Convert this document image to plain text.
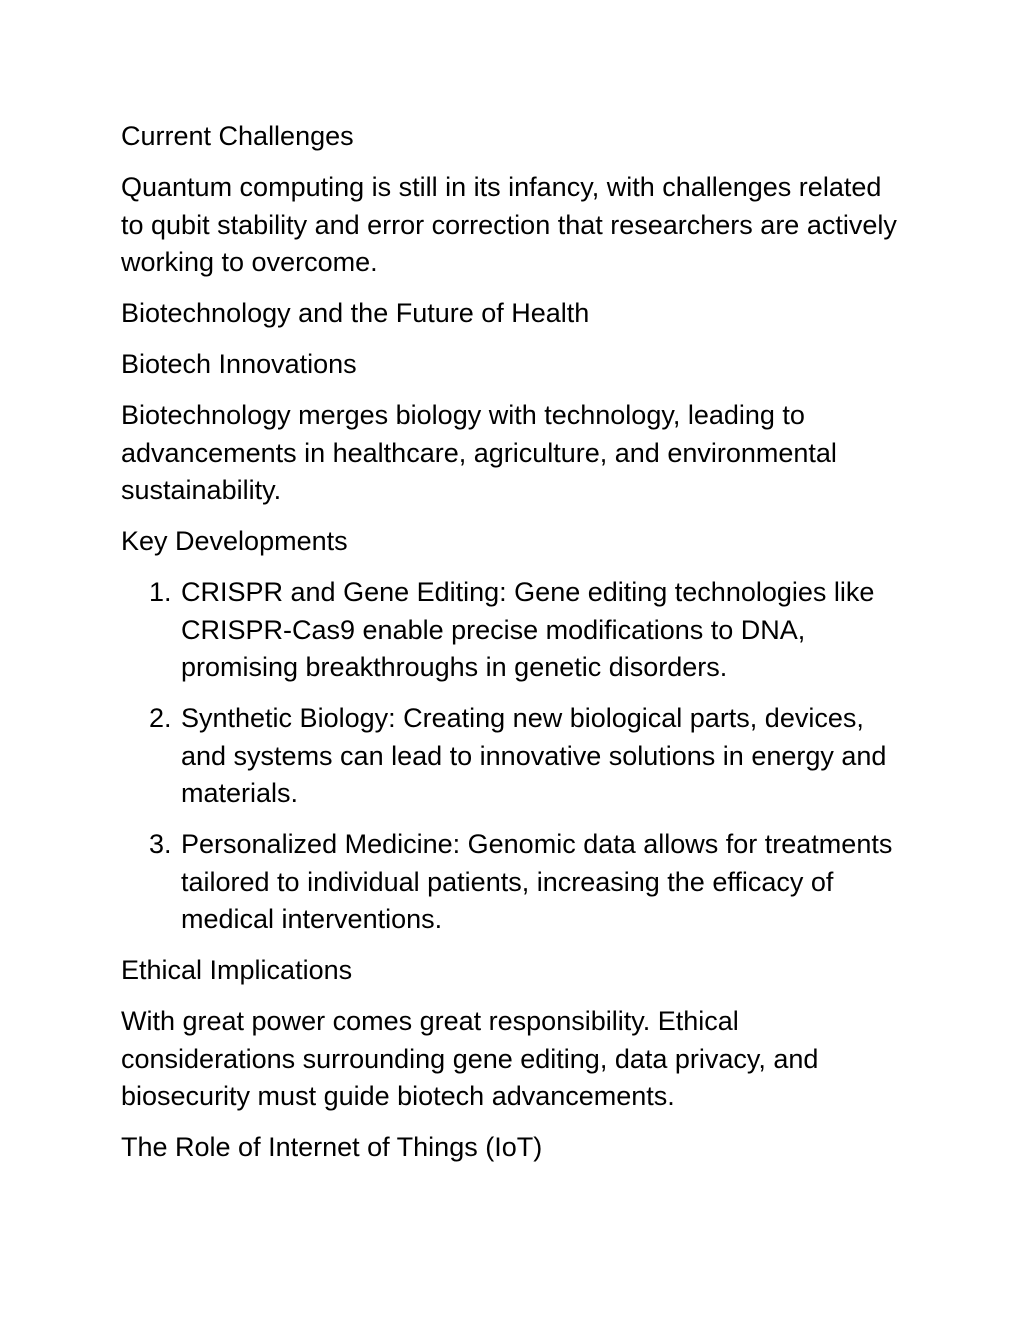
Current Challenges
Quantum computing is still in its infancy, with challenges related to qubit stability and error correction that researchers are actively working to overcome.
Biotechnology and the Future of Health
Biotech Innovations
Biotechnology merges biology with technology, leading to advancements in healthcare, agriculture, and environmental sustainability.
Key Developments
1. CRISPR and Gene Editing: Gene editing technologies like CRISPR-Cas9 enable precise modifications to DNA, promising breakthroughs in genetic disorders.
2. Synthetic Biology: Creating new biological parts, devices, and systems can lead to innovative solutions in energy and materials.
3. Personalized Medicine: Genomic data allows for treatments tailored to individual patients, increasing the efficacy of medical interventions.
Ethical Implications
With great power comes great responsibility. Ethical considerations surrounding gene editing, data privacy, and biosecurity must guide biotech advancements.
The Role of Internet of Things (IoT)
